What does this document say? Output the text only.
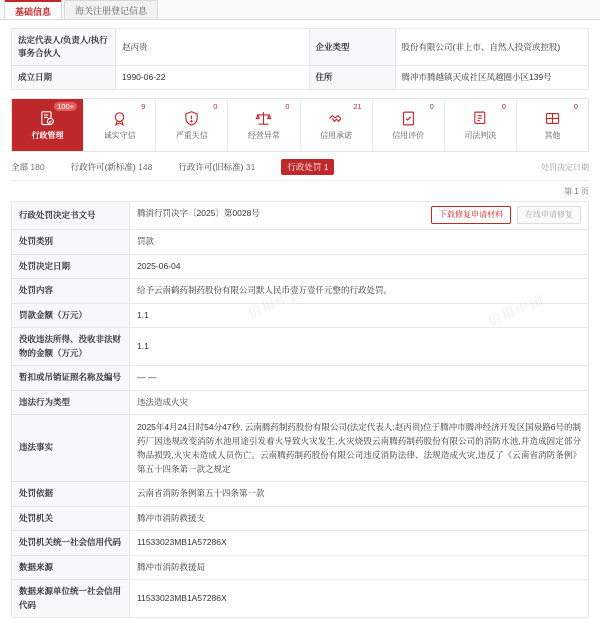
基础信息	海关注册登记信息
法定代表人/负责人/执行事务合伙人	赵丙贵	企业类型	股份有限公司(非上市、自然人投资或控股)
成立日期	1990-06-22	住所	腾冲市腾越镇天成社区凤越圈小区139号
100+
行政管理
9
诚实守信
0
严重失信
0
经营异常
21
信用承诺
0
信用评价
0
司法判决
0
其他
全部 180	行政许可(新标准) 148	行政许可(旧标准) 31	行政处罚 1	处罚决定日期
第 1 页
行政处罚决定书文号	腾消行罚决字〔2025〕第0028号 下载修复申请材料 在线申请修复

处罚类别	罚款
处罚决定日期	2025-06-04
处罚内容	给予云南鹤药制药股份有限公司默人民币壹万壹仟元整的行政处罚。
罚款金额（万元）	1.1
没收违法所得、没收非法财物的金额（万元）	1.1
暂扣或吊销证照名称及编号	— —
违法行为类型	违法造成火灾
违法事实	2025年4月24日时54分47秒, 云南腾药制药股份有限公司(法定代表人:赵丙贵)位于腾冲市腾冲经济开发区国泉路6号的制药厂因违规改变消防水池用途引发着火导致火灾发生,火灾烧毁云南腾药制药股份有限公司的消防水池,并造成固定部分物品损毁,火灾未造成人员伤亡。云南腾药制药股份有限公司违反消防法律、法规造成火灾,违反了《云南省消防条例》第五十四条第一款之规定
处罚依据	云南省消防条例第五十四条第一款
处罚机关	腾冲市消防救援支
处罚机关统一社会信用代码	11533023MB1A57286X
数据来源	腾冲市消防救援局
数据来源单位统一社会信用代码	11533023MB1A57286X
